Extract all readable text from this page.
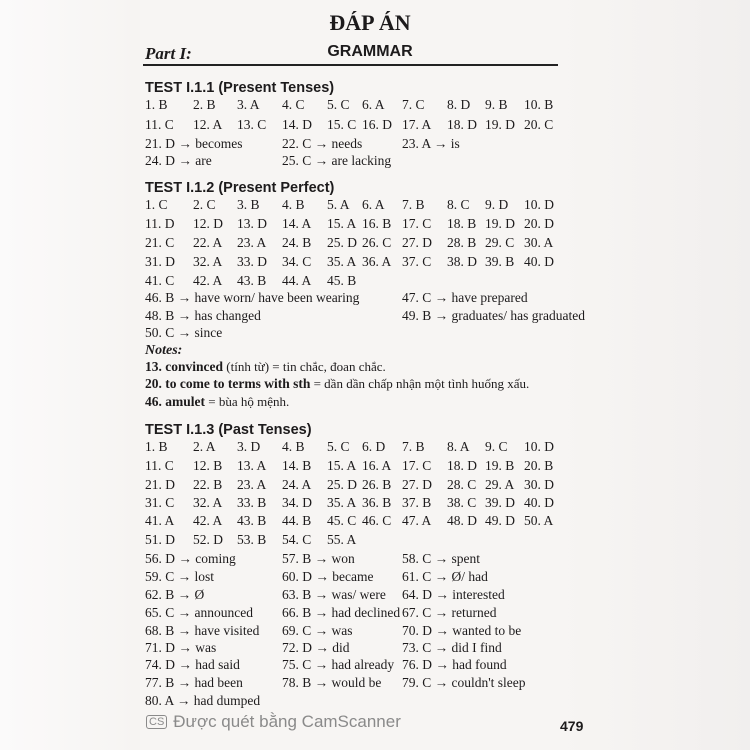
ĐÁP ÁN
Part I:	GRAMMAR
TEST I.1.1 (Present Tenses)
1. B 2. B 3. A 4. C 5. C 6. A 7. C 8. D 9. B 10. B
11. C 12. A 13. C 14. D 15. C 16. D 17. A 18. D 19. D 20. C
21. D → becomes	22. C → needs	23. A → is
24. D → are	25. C → are lacking
TEST I.1.2 (Present Perfect)
1. C 2. C 3. B 4. B 5. A 6. A 7. B 8. C 9. D 10. D
11. D 12. D 13. D 14. A 15. A 16. B 17. C 18. B 19. D 20. D
21. C 22. A 23. A 24. B 25. D 26. C 27. D 28. B 29. C 30. A
31. D 32. A 33. D 34. C 35. A 36. A 37. C 38. D 39. B 40. D
41. C 42. A 43. B 44. A 45. B
46. B → have worn/ have been wearing	47. C → have prepared
48. B → has changed	49. B → graduates/ has graduated
50. C → since
Notes:
13. convinced (tính từ) = tin chắc, đoan chắc.
20. to come to terms with sth = dần dần chấp nhận một tình huống xấu.
46. amulet = bùa hộ mệnh.
TEST I.1.3 (Past Tenses)
1. B 2. A 3. D 4. B 5. C 6. D 7. B 8. A 9. C 10. D
11. C 12. B 13. A 14. B 15. A 16. A 17. C 18. D 19. B 20. B
21. D 22. B 23. A 24. A 25. D 26. B 27. D 28. C 29. A 30. D
31. C 32. A 33. B 34. D 35. A 36. B 37. B 38. C 39. D 40. D
41. A 42. A 43. B 44. B 45. C 46. C 47. A 48. D 49. D 50. A
51. D 52. D 53. B 54. C 55. A
56. D → coming	57. B → won	58. C → spent
59. C → lost	60. D → became 61. C → Ø/ had
62. B → Ø	63. B → was/ were 64. D → interested
65. C → announced 66. B → had declined 67. C → returned
68. B → have visited 69. C → was	70. D → wanted to be
71. D → was	72. D → did	73. C → did I find
74. D → had said	75. C → had already 76. D → had found
77. B → had been	78. B → would be 79. C → couldn't sleep
80. A → had dumped
CS Được quét bằng CamScanner	479
